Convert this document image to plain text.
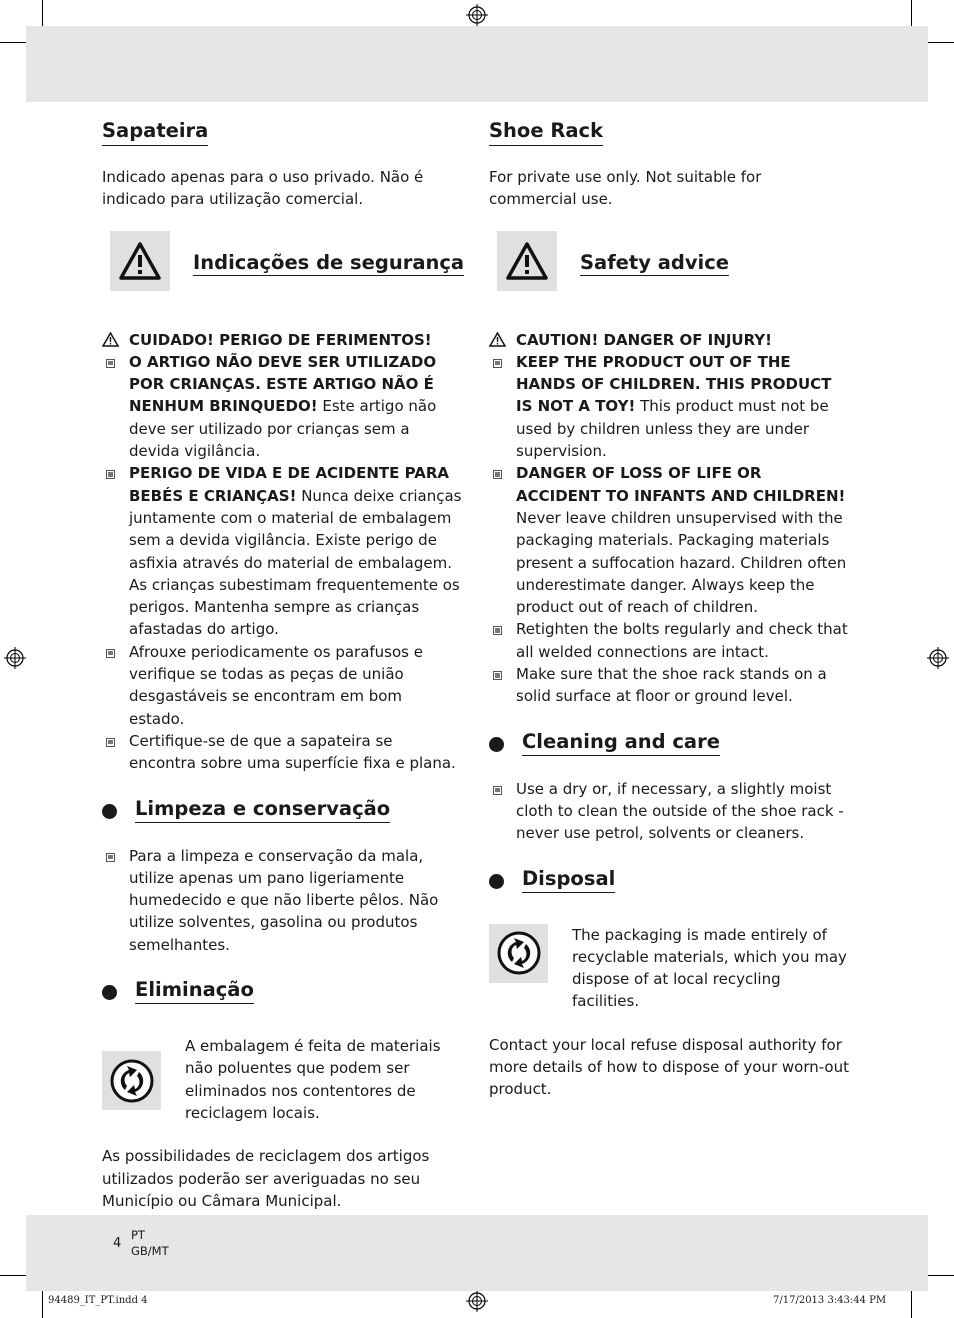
Sapateira

Indicado apenas para o uso privado. Não é indicado para utilização comercial.

Indicações de segurança
CUIDADO! PERIGO DE FERIMENTOS!
O ARTIGO NÃO DEVE SER UTILIZADO POR CRIANÇAS. ESTE ARTIGO NÃO É NENHUM BRINQUEDO! Este artigo não deve ser utilizado por crianças sem a devida vigilância.
PERIGO DE VIDA E DE ACIDENTE PARA BEBÉS E CRIANÇAS! Nunca deixe crianças juntamente com o material de embalagem sem a devida vigilância. Existe perigo de asfixia através do material de embalagem. As crianças subestimam frequentemente os perigos. Mantenha sempre as crianças afastadas do artigo.
Afrouxe periodicamente os parafusos e verifique se todas as peças de união desgastáveis se encontram em bom estado.
Certifique-se de que a sapateira se encontra sobre uma superfície fixa e plana.
Limpeza e conservação
Para a limpeza e conservação da mala, utilize apenas um pano ligeriamente humedecido e que não liberte pêlos. Não utilize solventes, gasolina ou produtos semelhantes.
Eliminação

A embalagem é feita de materiais não poluentes que podem ser eliminados nos contentores de reciclagem locais.

As possibilidades de reciclagem dos artigos utilizados poderão ser averiguadas no seu Município ou Câmara Municipal.

Shoe Rack

For private use only. Not suitable for commercial use.

Safety advice
CAUTION! DANGER OF INJURY!
KEEP THE PRODUCT OUT OF THE HANDS OF CHILDREN. THIS PRODUCT IS NOT A TOY! This product must not be used by children unless they are under supervision.
DANGER OF LOSS OF LIFE OR ACCIDENT TO INFANTS AND CHILDREN! Never leave children unsupervised with the packaging materials. Packaging materials present a suffocation hazard. Children often underestimate danger. Always keep the product out of reach of children.
Retighten the bolts regularly and check that all welded connections are intact.
Make sure that the shoe rack stands on a solid surface at floor or ground level.
Cleaning and care
Use a dry or, if necessary, a slightly moist cloth to clean the outside of the shoe rack - never use petrol, solvents or cleaners.
Disposal

The packaging is made entirely of recyclable materials, which you may dispose of at local recycling facilities.

Contact your local refuse disposal authority for more details of how to dispose of your worn-out product.

4
PT
GB/MT
94489_IT_PT.indd 4	7/17/2013 3:43:44 PM
